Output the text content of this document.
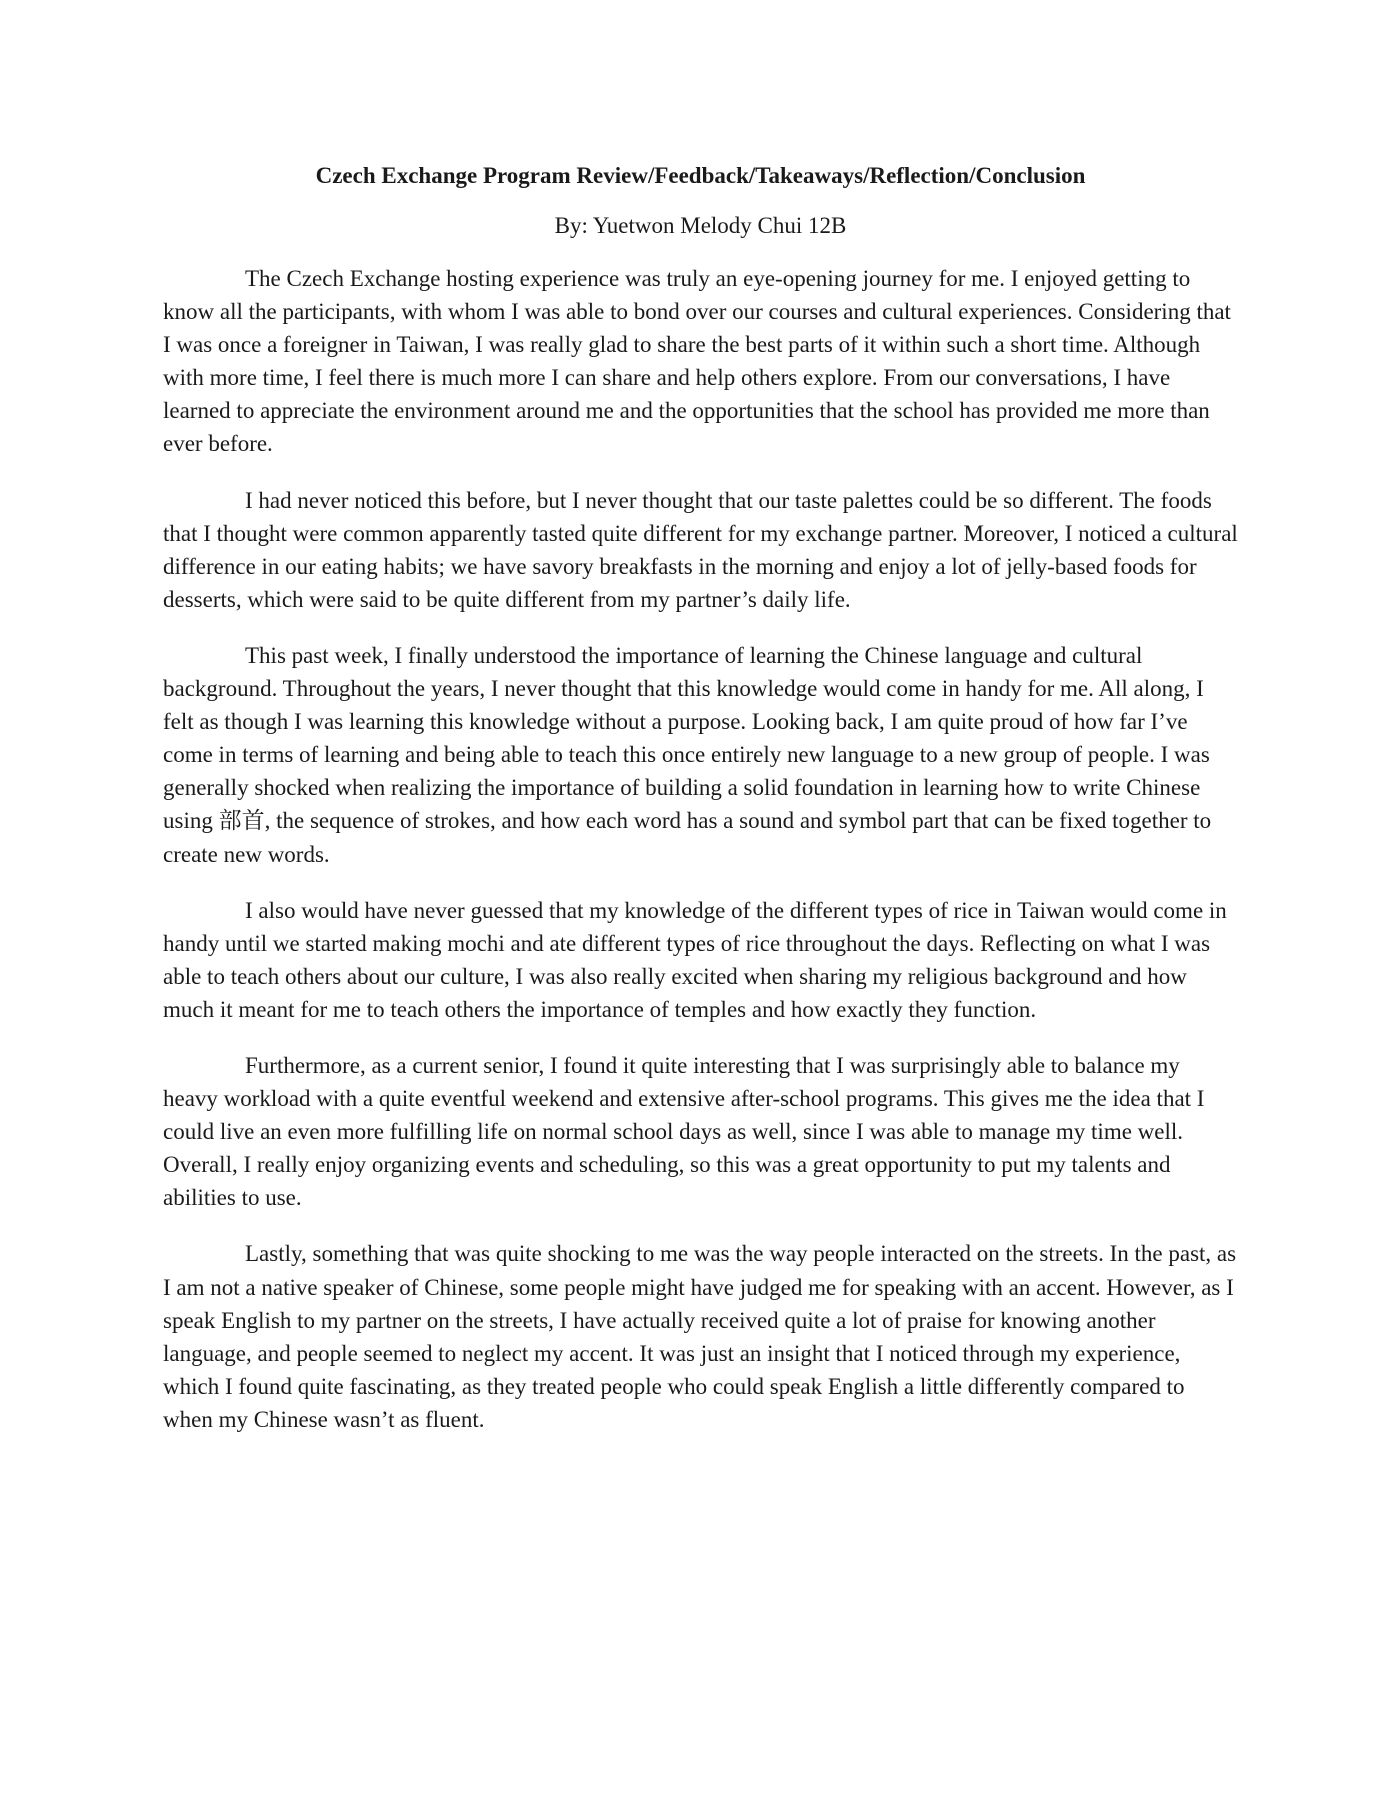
Czech Exchange Program Review/Feedback/Takeaways/Reflection/Conclusion
By: Yuetwon Melody Chui 12B

The Czech Exchange hosting experience was truly an eye-opening journey for me. I enjoyed getting to know all the participants, with whom I was able to bond over our courses and cultural experiences. Considering that I was once a foreigner in Taiwan, I was really glad to share the best parts of it within such a short time. Although with more time, I feel there is much more I can share and help others explore. From our conversations, I have learned to appreciate the environment around me and the opportunities that the school has provided me more than ever before.

I had never noticed this before, but I never thought that our taste palettes could be so different. The foods that I thought were common apparently tasted quite different for my exchange partner. Moreover, I noticed a cultural difference in our eating habits; we have savory breakfasts in the morning and enjoy a lot of jelly-based foods for desserts, which were said to be quite different from my partner’s daily life.

This past week, I finally understood the importance of learning the Chinese language and cultural background. Throughout the years, I never thought that this knowledge would come in handy for me. All along, I felt as though I was learning this knowledge without a purpose. Looking back, I am quite proud of how far I’ve come in terms of learning and being able to teach this once entirely new language to a new group of people. I was generally shocked when realizing the importance of building a solid foundation in learning how to write Chinese using 部首, the sequence of strokes, and how each word has a sound and symbol part that can be fixed together to create new words.

I also would have never guessed that my knowledge of the different types of rice in Taiwan would come in handy until we started making mochi and ate different types of rice throughout the days. Reflecting on what I was able to teach others about our culture, I was also really excited when sharing my religious background and how much it meant for me to teach others the importance of temples and how exactly they function.

Furthermore, as a current senior, I found it quite interesting that I was surprisingly able to balance my heavy workload with a quite eventful weekend and extensive after-school programs. This gives me the idea that I could live an even more fulfilling life on normal school days as well, since I was able to manage my time well. Overall, I really enjoy organizing events and scheduling, so this was a great opportunity to put my talents and abilities to use.

Lastly, something that was quite shocking to me was the way people interacted on the streets. In the past, as I am not a native speaker of Chinese, some people might have judged me for speaking with an accent. However, as I speak English to my partner on the streets, I have actually received quite a lot of praise for knowing another language, and people seemed to neglect my accent. It was just an insight that I noticed through my experience, which I found quite fascinating, as they treated people who could speak English a little differently compared to when my Chinese wasn’t as fluent.
